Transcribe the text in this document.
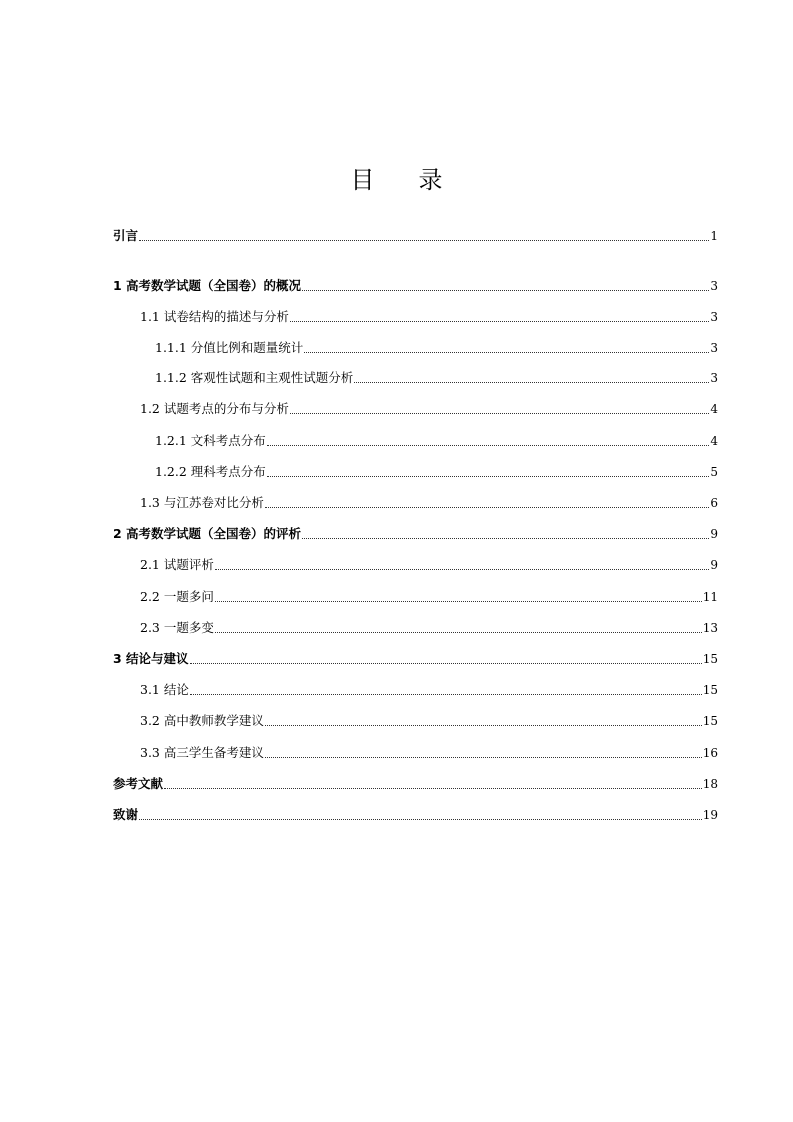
目 录
引言	1
1 高考数学试题（全国卷）的概况	3
1.1 试卷结构的描述与分析	3
1.1.1 分值比例和题量统计	3
1.1.2 客观性试题和主观性试题分析	3
1.2 试题考点的分布与分析	4
1.2.1 文科考点分布	4
1.2.2 理科考点分布	5
1.3 与江苏卷对比分析	6
2 高考数学试题（全国卷）的评析	9
2.1 试题评析	9
2.2 一题多问	11
2.3 一题多变	13
3 结论与建议	15
3.1 结论	15
3.2 高中教师教学建议	15
3.3 高三学生备考建议	16
参考文献	18
致谢	19
